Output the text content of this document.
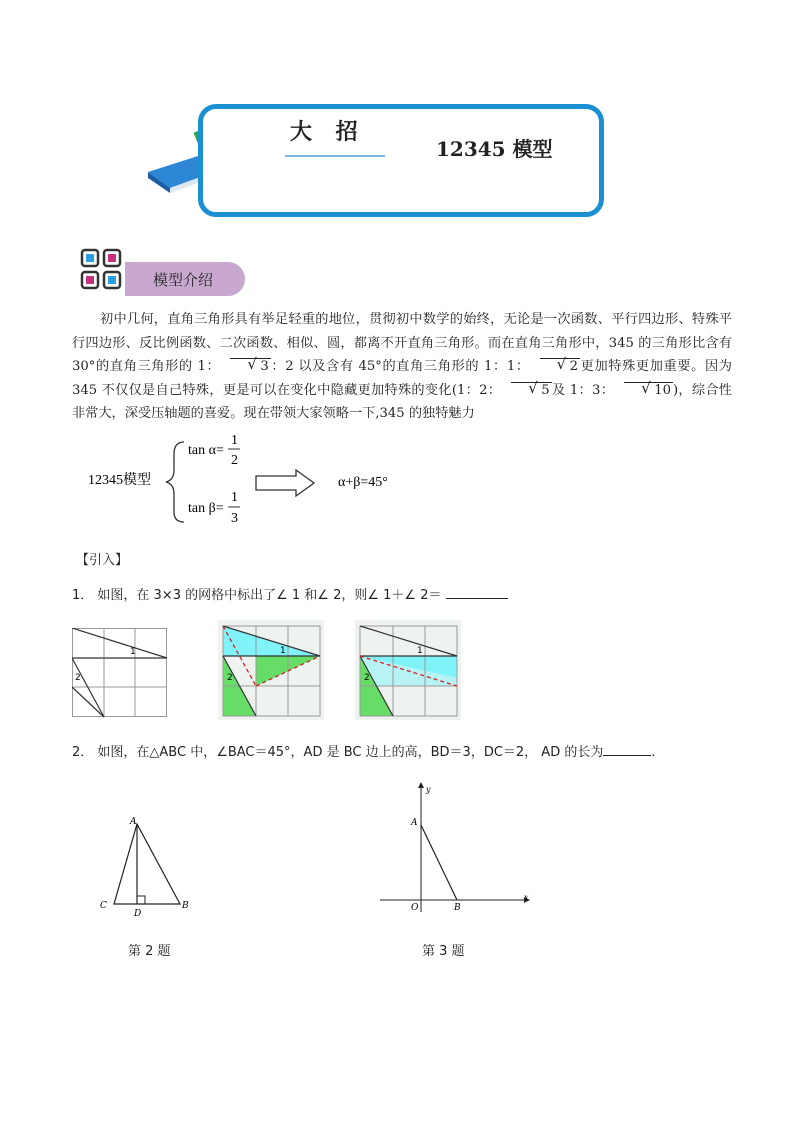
大 招
12345 模型
模型介绍
初中几何，直角三角形具有举足轻重的地位，贯彻初中数学的始终，无论是一次函数、平行四边形、特殊平行四边形、反比例函数、二次函数、相似、圆，都离不开直角三角形。而在直角三角形中，345 的三角形比含有 30°的直角三角形的 1：	√ 3 ：2 以及含有 45°的直角三角形的 1：1：	√ 2 更加特殊更加重要。因为 345 不仅仅是自己特殊，更是可以在变化中隐藏更加特殊的变化(1：2：	√ 5 及 1：3：	√ 10 )，综合性非常大，深受压轴题的喜爱。现在带领大家领略一下,345 的独特魅力
12345模型
tan α=
1
2
tan β=
1
3
α+β=45°
【引入】
1． 如图，在 3×3 的网格中标出了∠ 1 和∠ 2，则∠ 1＋∠ 2＝
1
2
1
2
1
2
2． 如图，在△ABC 中，∠BAC＝45°，AD 是 BC 边上的高，BD＝3，DC＝2， AD 的长为	.
A
C
D
B
第 2 题
y
x
A
O	B
第 3 题
